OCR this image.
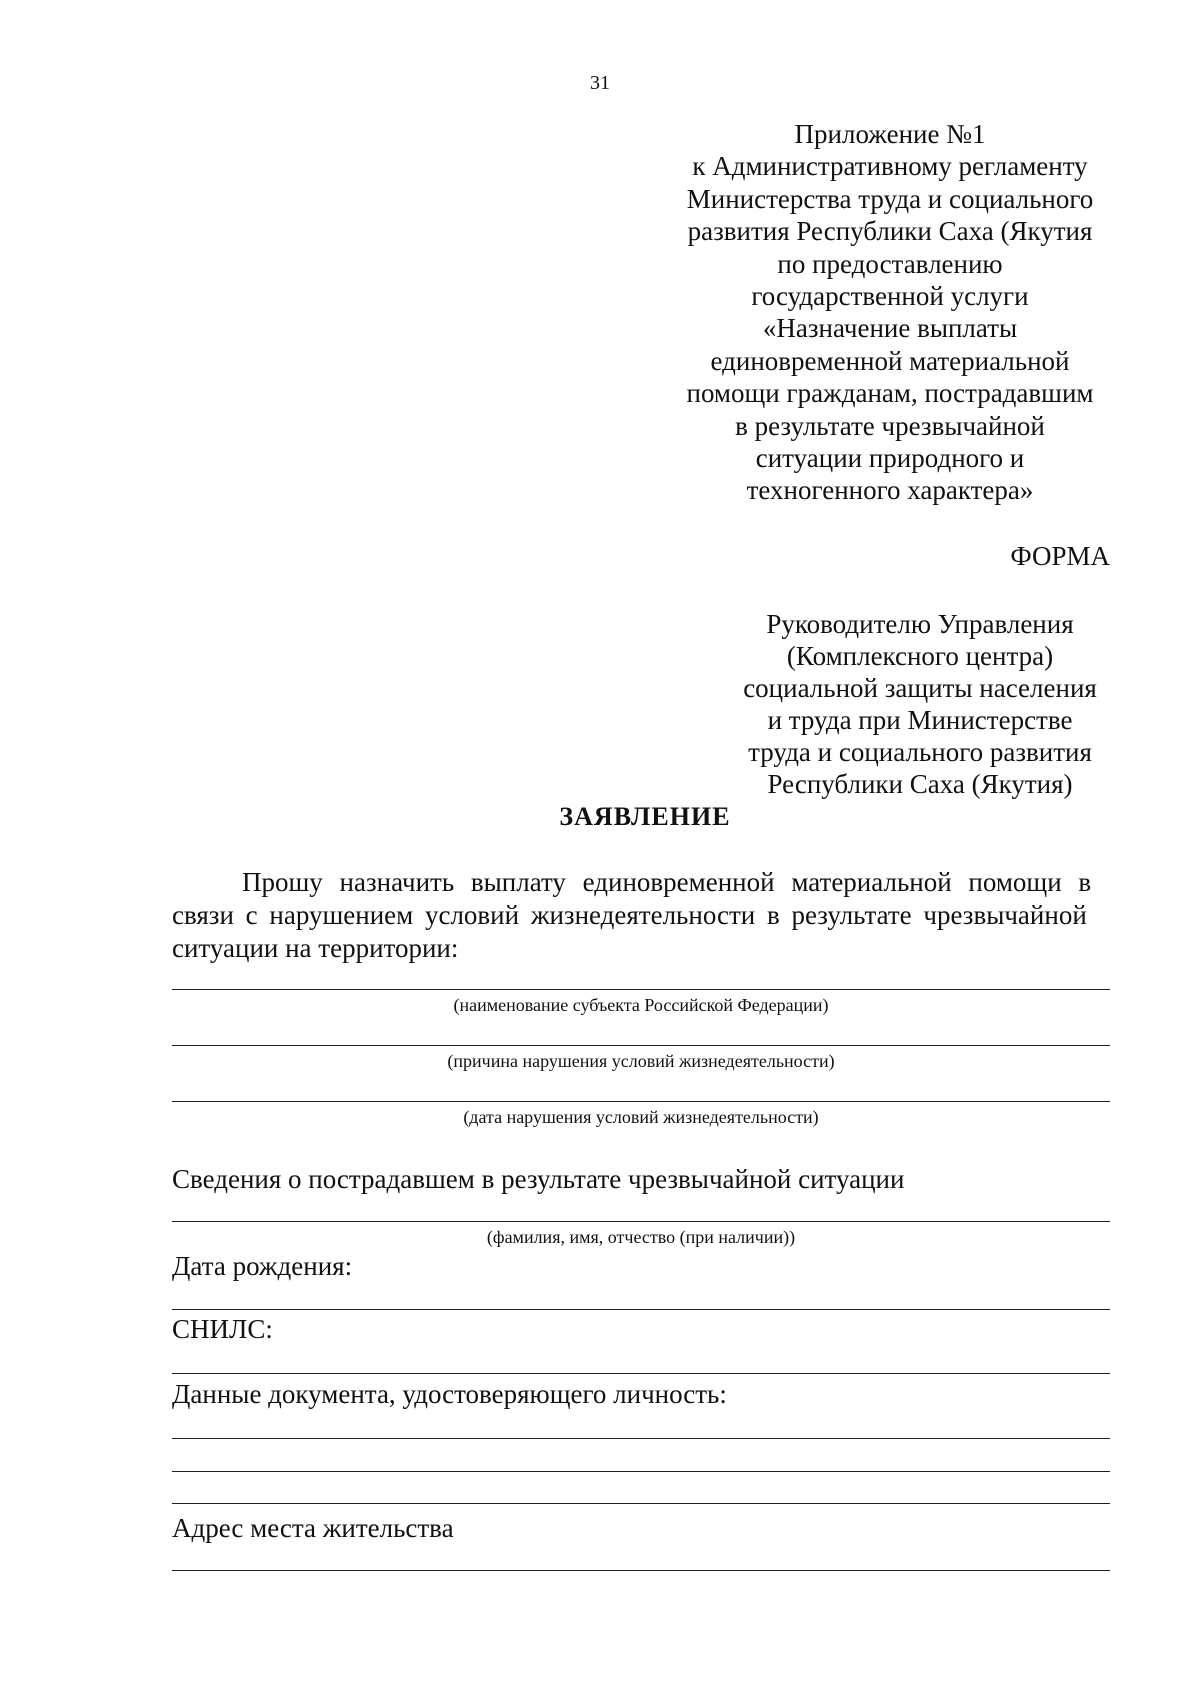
31
Приложение №1
к Административному регламенту
Министерства труда и социального
развития Республики Саха (Якутия
по предоставлению
государственной услуги
«Назначение выплаты
единовременной материальной
помощи гражданам, пострадавшим
в результате чрезвычайной
ситуации природного и
техногенного характера»
ФОРМА
Руководителю Управления
(Комплексного центра)
социальной защиты населения
и труда при Министерстве
труда и социального развития
Республики Саха (Якутия)
ЗАЯВЛЕНИЕ
Прошу назначить выплату единовременной материальной помощи в
связи с нарушением условий жизнедеятельности в результате чрезвычайной
ситуации на территории:
(наименование субъекта Российской Федерации)
(причина нарушения условий жизнедеятельности)
(дата нарушения условий жизнедеятельности)
Сведения о пострадавшем в результате чрезвычайной ситуации
(фамилия, имя, отчество (при наличии))
Дата рождения:
СНИЛС:
Данные документа, удостоверяющего личность:
Адрес места жительства
